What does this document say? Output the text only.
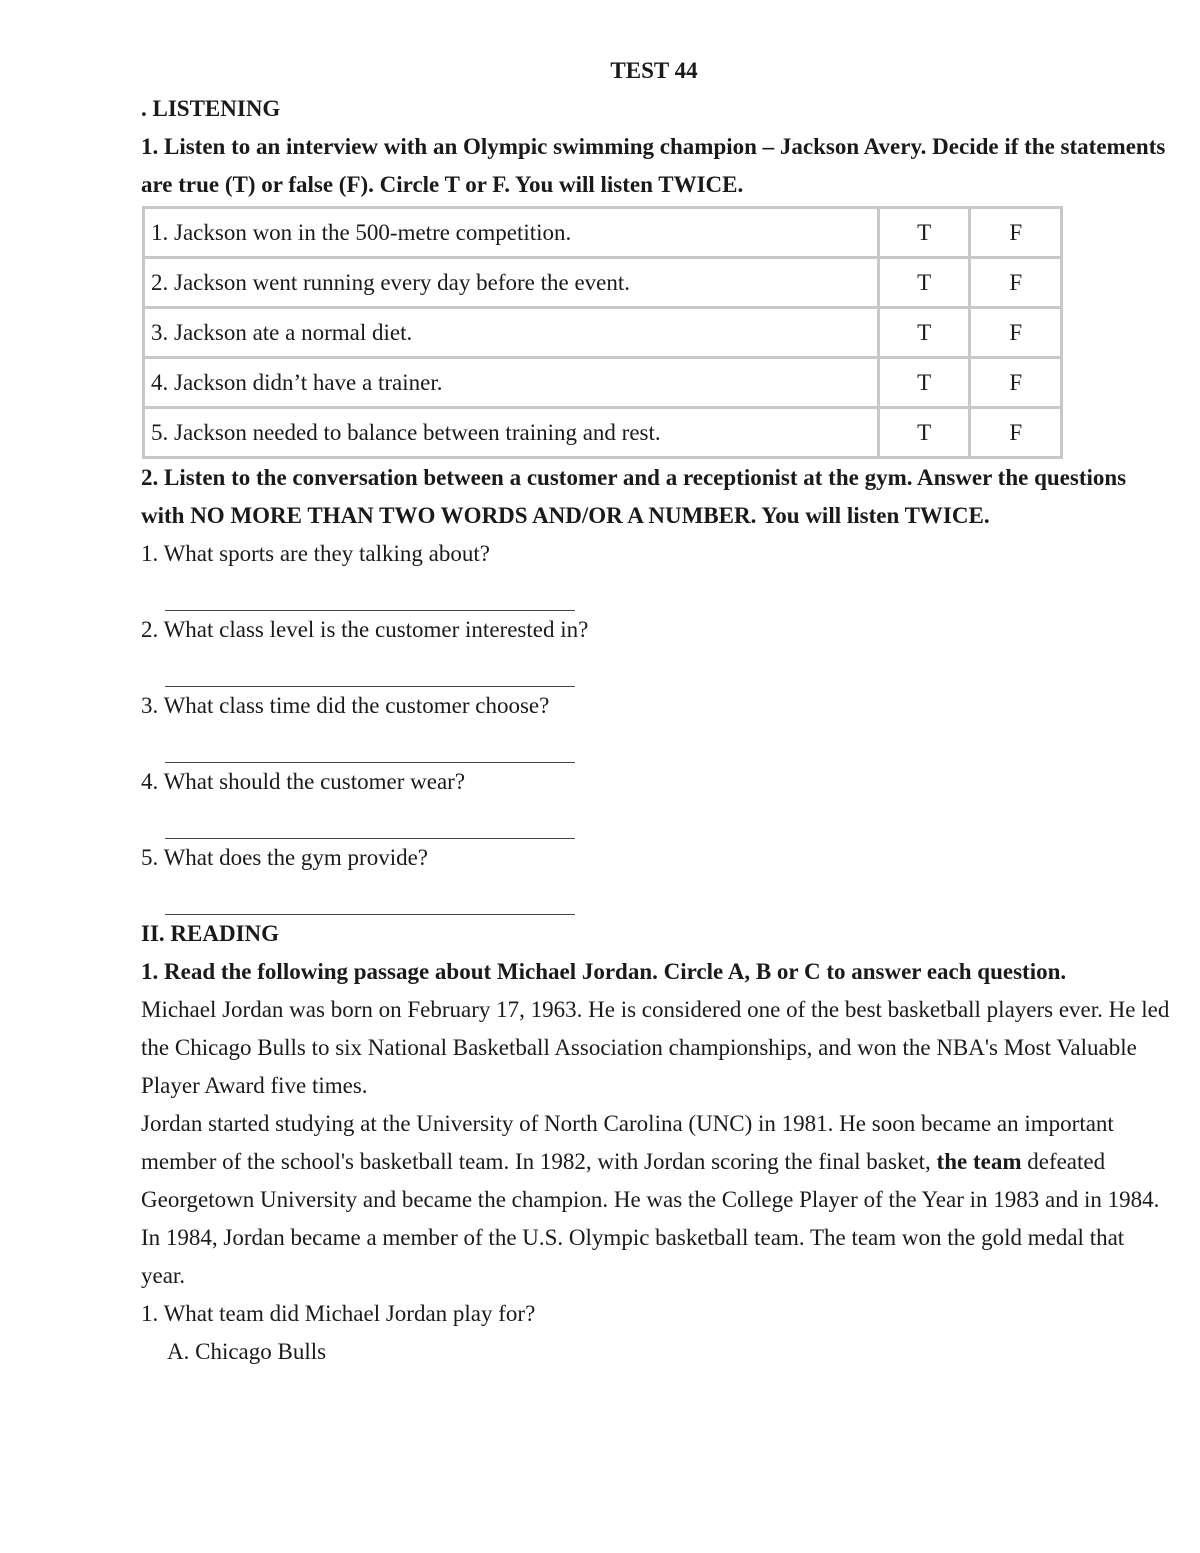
TEST 44

. LISTENING

1. Listen to an interview with an Olympic swimming champion – Jackson Avery. Decide if the statements are true (T) or false (F). Circle T or F. You will listen TWICE.

1. Jackson won in the 500-metre competition.	T	F
2. Jackson went running every day before the event.	T	F
3. Jackson ate a normal diet.	T	F
4. Jackson didn’t have a trainer.	T	F
5. Jackson needed to balance between training and rest.	T	F

2. Listen to the conversation between a customer and a receptionist at the gym. Answer the questions with NO MORE THAN TWO WORDS AND/OR A NUMBER. You will listen TWICE.

1. What sports are they talking about?

2. What class level is the customer interested in?

3. What class time did the customer choose?

4. What should the customer wear?

5. What does the gym provide?

II. READING

1. Read the following passage about Michael Jordan. Circle A, B or C to answer each question.

Michael Jordan was born on February 17, 1963. He is considered one of the best basketball players ever. He led the Chicago Bulls to six National Basketball Association championships, and won the NBA's Most Valuable Player Award five times.

Jordan started studying at the University of North Carolina (UNC) in 1981. He soon became an important member of the school's basketball team. In 1982, with Jordan scoring the final basket, the team defeated Georgetown University and became the champion. He was the College Player of the Year in 1983 and in 1984.

In 1984, Jordan became a member of the U.S. Olympic basketball team. The team won the gold medal that year.

1. What team did Michael Jordan play for?

A. Chicago Bulls
